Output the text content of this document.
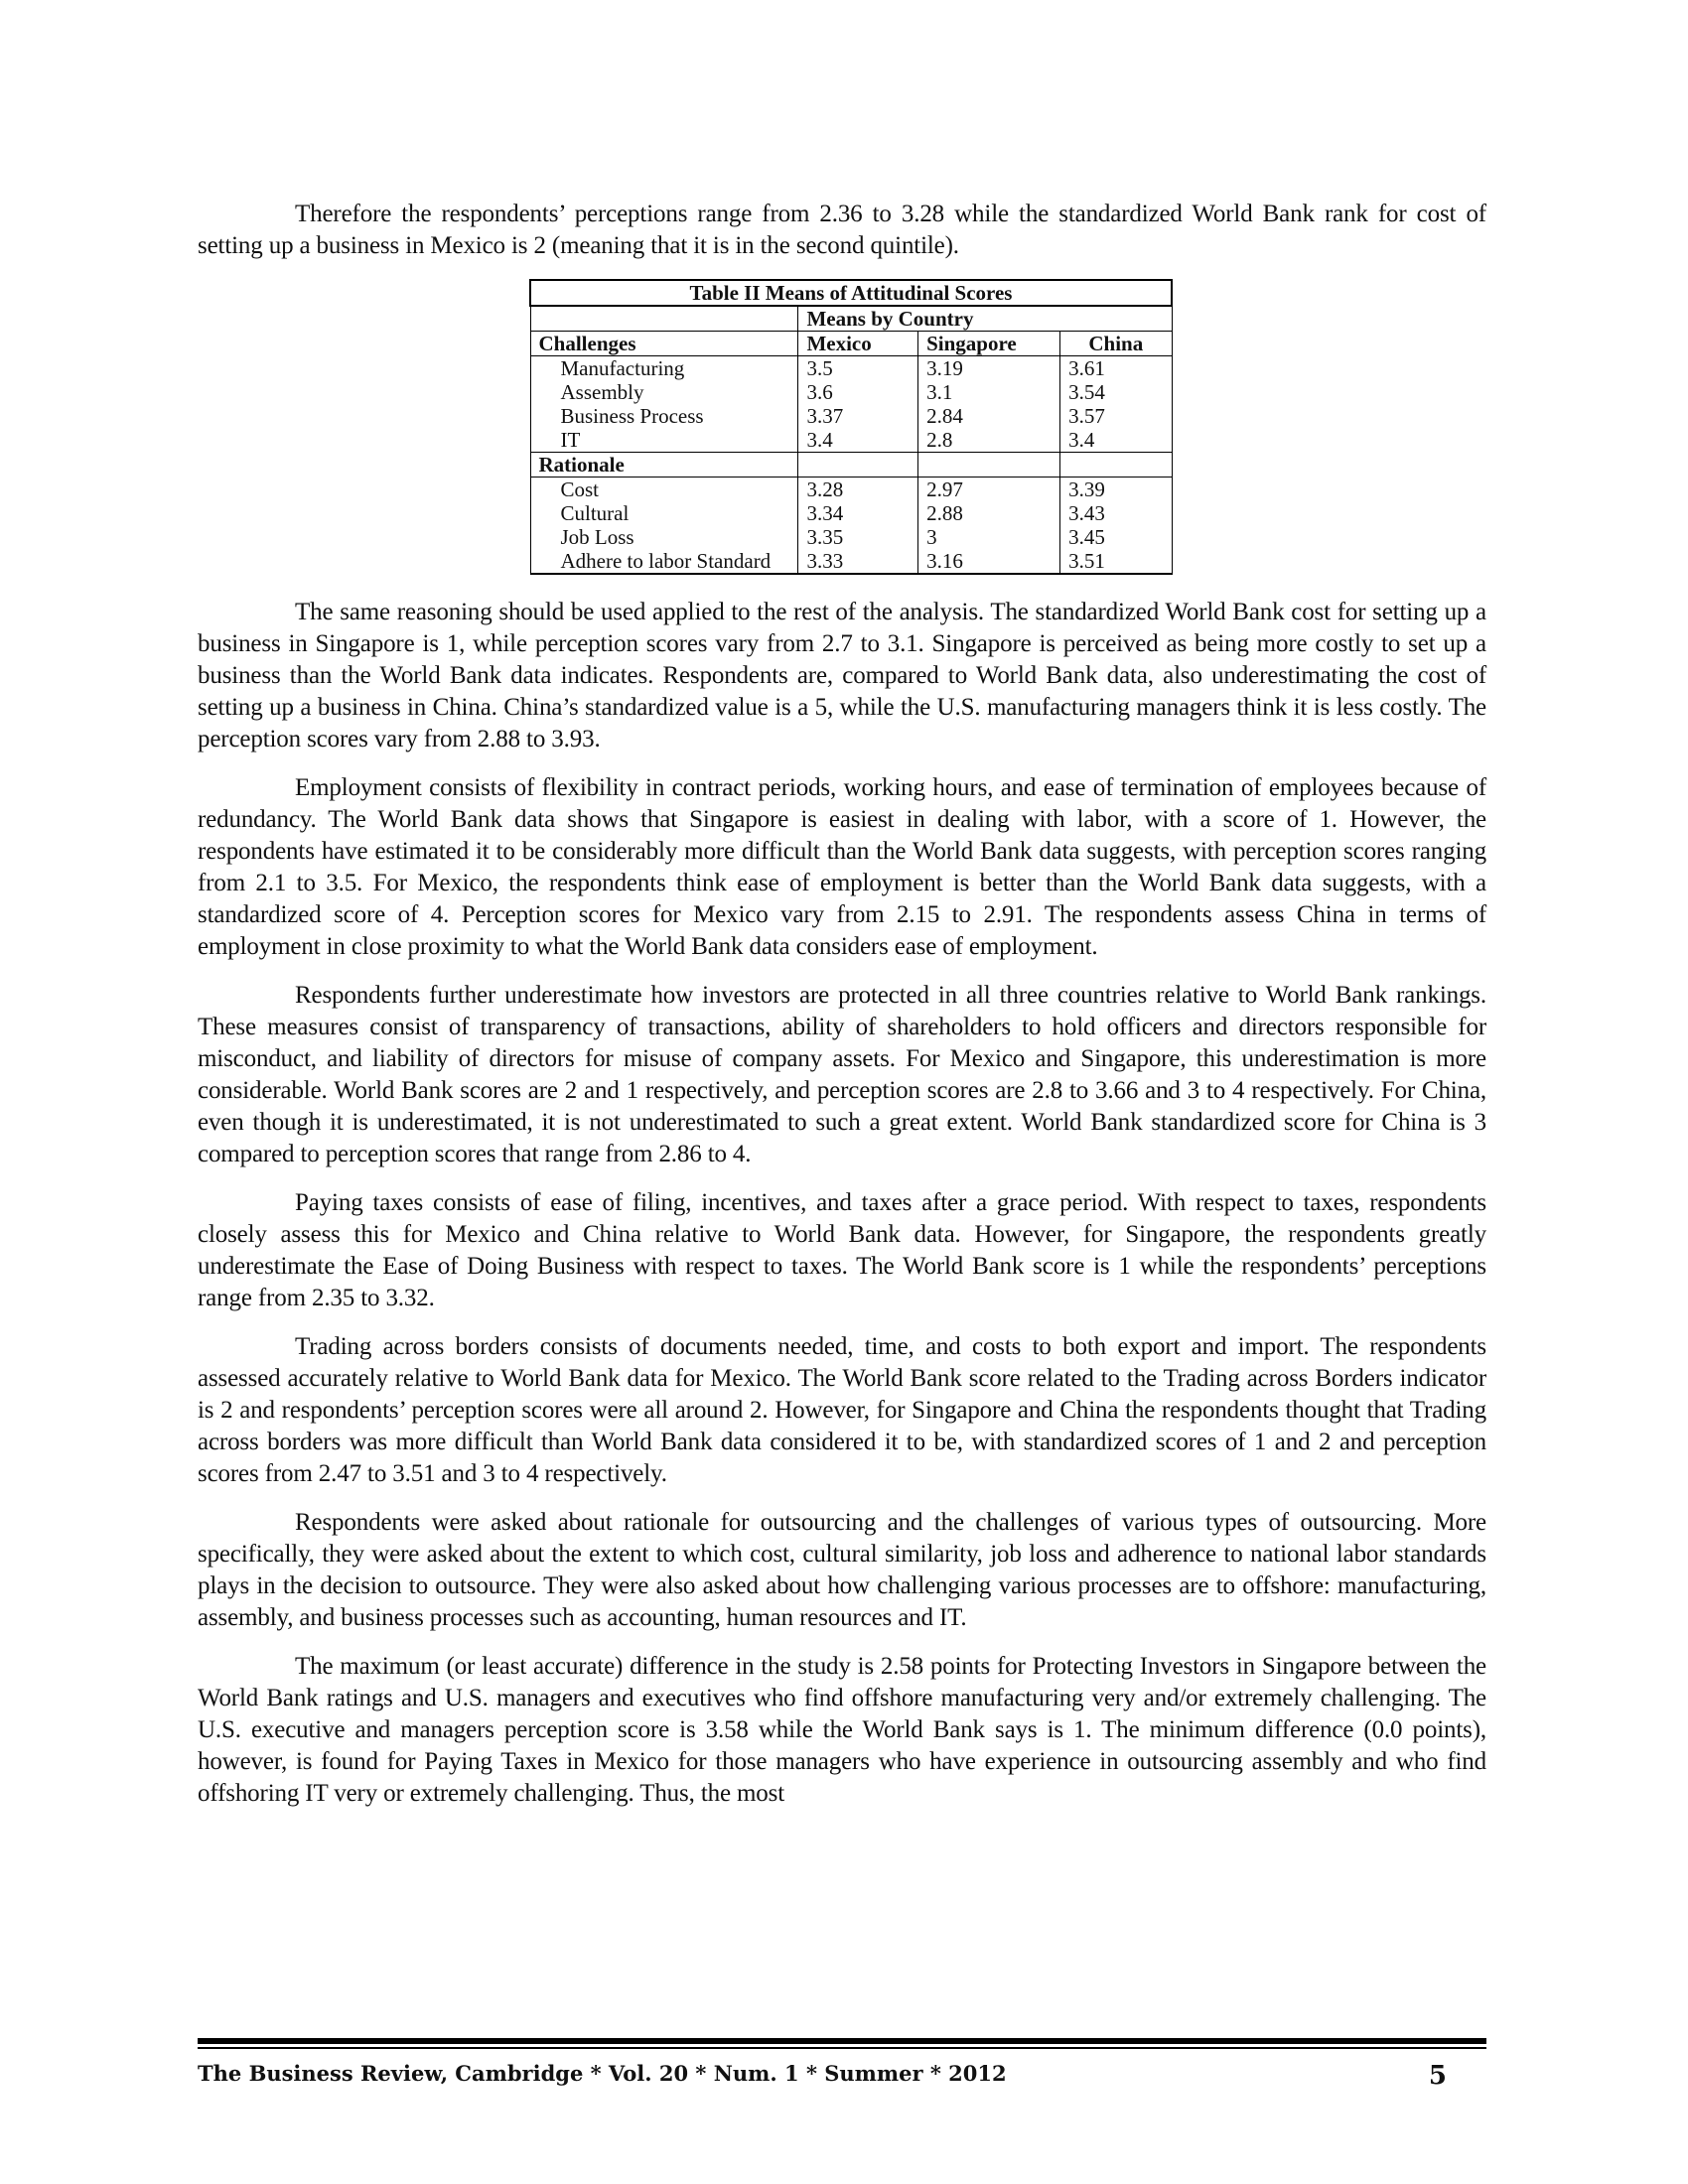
Therefore the respondents’ perceptions range from 2.36 to 3.28 while the standardized World Bank rank for cost of setting up a business in Mexico is 2 (meaning that it is in the second quintile).

Table II Means of Attitudinal Scores			
	Means by Country		
Challenges	Mexico	Singapore	China
Manufacturing	3.5	3.19	3.61
Assembly	3.6	3.1	3.54
Business Process	3.37	2.84	3.57
IT	3.4	2.8	3.4
Rationale			
Cost	3.28	2.97	3.39
Cultural	3.34	2.88	3.43
Job Loss	3.35	3	3.45
Adhere to labor Standard	3.33	3.16	3.51

The same reasoning should be used applied to the rest of the analysis. The standardized World Bank cost for setting up a business in Singapore is 1, while perception scores vary from 2.7 to 3.1. Singapore is perceived as being more costly to set up a business than the World Bank data indicates. Respondents are, compared to World Bank data, also underestimating the cost of setting up a business in China. China’s standardized value is a 5, while the U.S. manufacturing managers think it is less costly. The perception scores vary from 2.88 to 3.93.

Employment consists of flexibility in contract periods, working hours, and ease of termination of employees because of redundancy. The World Bank data shows that Singapore is easiest in dealing with labor, with a score of 1. However, the respondents have estimated it to be considerably more difficult than the World Bank data suggests, with perception scores ranging from 2.1 to 3.5. For Mexico, the respondents think ease of employment is better than the World Bank data suggests, with a standardized score of 4. Perception scores for Mexico vary from 2.15 to 2.91. The respondents assess China in terms of employment in close proximity to what the World Bank data considers ease of employment.

Respondents further underestimate how investors are protected in all three countries relative to World Bank rankings. These measures consist of transparency of transactions, ability of shareholders to hold officers and directors responsible for misconduct, and liability of directors for misuse of company assets. For Mexico and Singapore, this underestimation is more considerable. World Bank scores are 2 and 1 respectively, and perception scores are 2.8 to 3.66 and 3 to 4 respectively. For China, even though it is underestimated, it is not underestimated to such a great extent. World Bank standardized score for China is 3 compared to perception scores that range from 2.86 to 4.

Paying taxes consists of ease of filing, incentives, and taxes after a grace period. With respect to taxes, respondents closely assess this for Mexico and China relative to World Bank data. However, for Singapore, the respondents greatly underestimate the Ease of Doing Business with respect to taxes. The World Bank score is 1 while the respondents’ perceptions range from 2.35 to 3.32.

Trading across borders consists of documents needed, time, and costs to both export and import. The respondents assessed accurately relative to World Bank data for Mexico. The World Bank score related to the Trading across Borders indicator is 2 and respondents’ perception scores were all around 2. However, for Singapore and China the respondents thought that Trading across borders was more difficult than World Bank data considered it to be, with standardized scores of 1 and 2 and perception scores from 2.47 to 3.51 and 3 to 4 respectively.

Respondents were asked about rationale for outsourcing and the challenges of various types of outsourcing. More specifically, they were asked about the extent to which cost, cultural similarity, job loss and adherence to national labor standards plays in the decision to outsource. They were also asked about how challenging various processes are to offshore: manufacturing, assembly, and business processes such as accounting, human resources and IT.

The maximum (or least accurate) difference in the study is 2.58 points for Protecting Investors in Singapore between the World Bank ratings and U.S. managers and executives who find offshore manufacturing very and/or extremely challenging. The U.S. executive and managers perception score is 3.58 while the World Bank says is 1. The minimum difference (0.0 points), however, is found for Paying Taxes in Mexico for those managers who have experience in outsourcing assembly and who find offshoring IT very or extremely challenging. Thus, the most

The Business Review, Cambridge * Vol. 20 * Num. 1 * Summer * 2012	5
